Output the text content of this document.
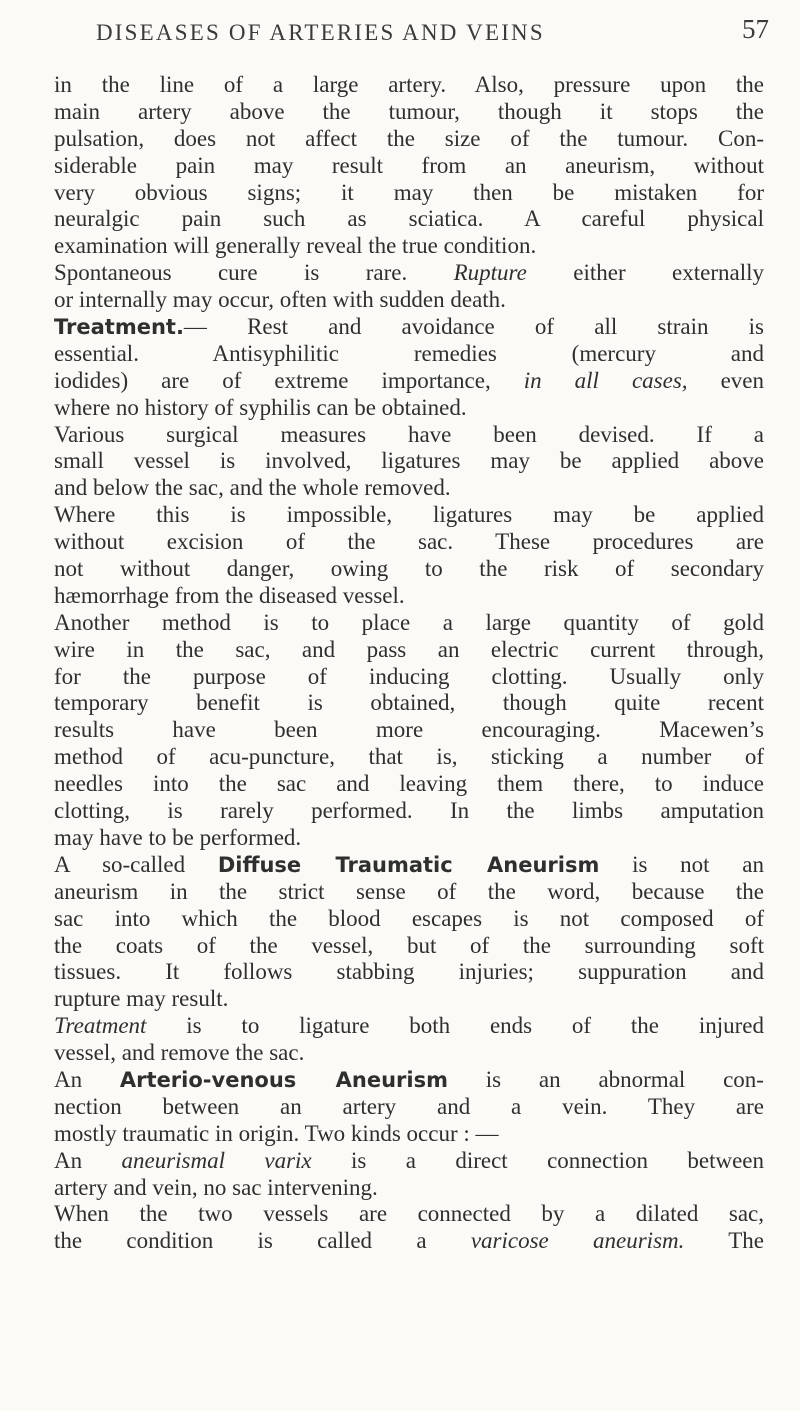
DISEASES OF ARTERIES AND VEINS	57
in the line of a large artery. Also, pressure upon the
main artery above the tumour, though it stops the
pulsation, does not affect the size of the tumour. Con-
siderable pain may result from an aneurism, without
very obvious signs; it may then be mistaken for
neuralgic pain such as sciatica. A careful physical
examination will generally reveal the true condition.
Spontaneous cure is rare. Rupture either externally
or internally may occur, often with sudden death.
Treatment.— Rest and avoidance of all strain is
essential. Antisyphilitic remedies (mercury and
iodides) are of extreme importance, in all cases, even
where no history of syphilis can be obtained.
Various surgical measures have been devised. If a
small vessel is involved, ligatures may be applied above
and below the sac, and the whole removed.
Where this is impossible, ligatures may be applied
without excision of the sac. These procedures are
not without danger, owing to the risk of secondary
hæmorrhage from the diseased vessel.
Another method is to place a large quantity of gold
wire in the sac, and pass an electric current through,
for the purpose of inducing clotting. Usually only
temporary benefit is obtained, though quite recent
results have been more encouraging. Macewen’s
method of acu-puncture, that is, sticking a number of
needles into the sac and leaving them there, to induce
clotting, is rarely performed. In the limbs amputation
may have to be performed.
A so-called Diffuse Traumatic Aneurism is not an
aneurism in the strict sense of the word, because the
sac into which the blood escapes is not composed of
the coats of the vessel, but of the surrounding soft
tissues. It follows stabbing injuries; suppuration and
rupture may result.
Treatment is to ligature both ends of the injured
vessel, and remove the sac.
An Arterio-venous Aneurism is an abnormal con-
nection between an artery and a vein. They are
mostly traumatic in origin. Two kinds occur : —
An aneurismal varix is a direct connection between
artery and vein, no sac intervening.
When the two vessels are connected by a dilated sac,
the condition is called a varicose aneurism. The
